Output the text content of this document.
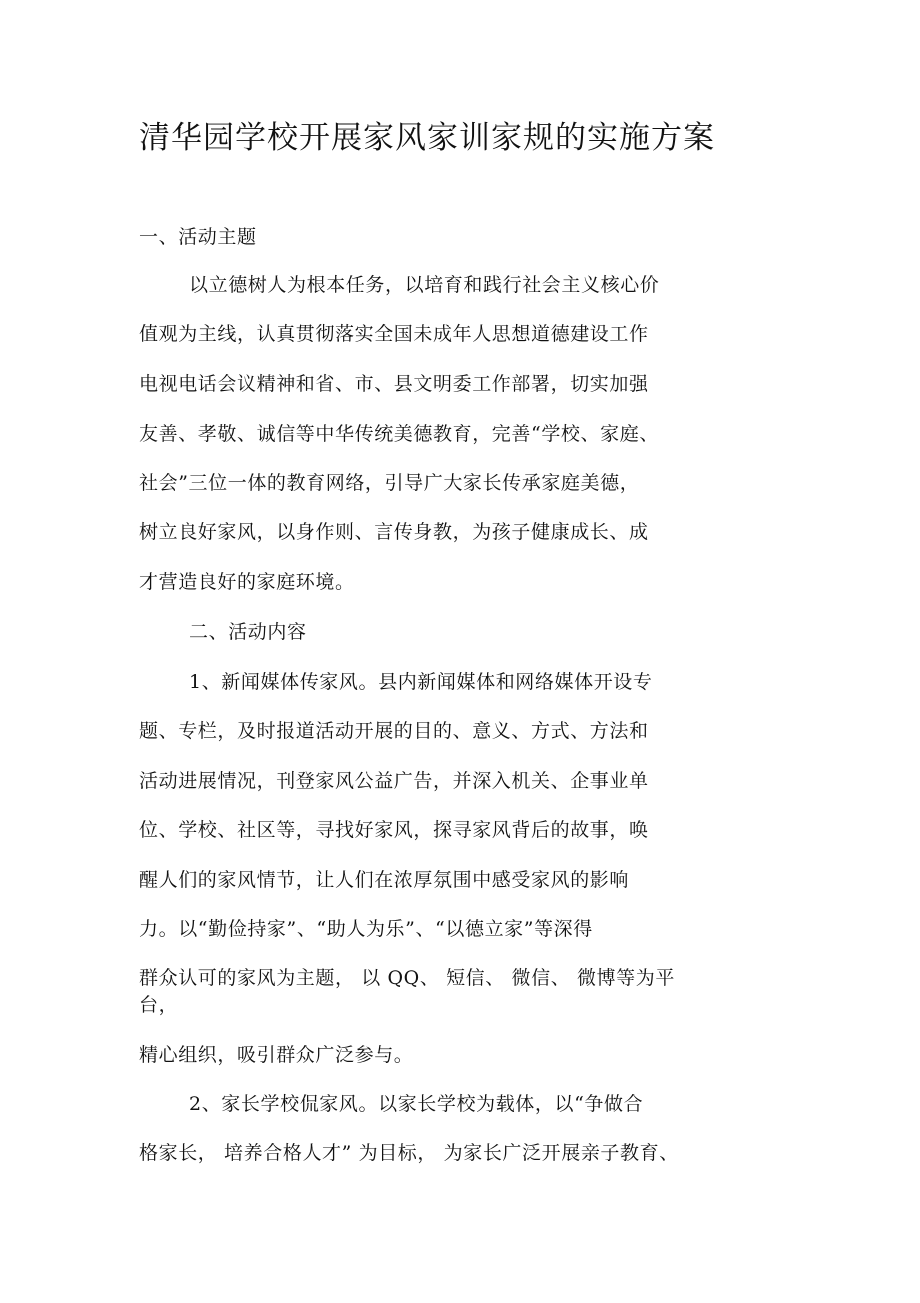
清华园学校开展家风家训家规的实施方案
一、活动主题
以立德树人为根本任务，以培育和践行社会主义核心价
值观为主线，认真贯彻落实全国未成年人思想道德建设工作
电视电话会议精神和省、市、县文明委工作部署，切实加强
友善、孝敬、诚信等中华传统美德教育，完善“学校、家庭、
社会”三位一体的教育网络，引导广大家长传承家庭美德，
树立良好家风，以身作则、言传身教，为孩子健康成长、成
才营造良好的家庭环境。
二、活动内容
1、新闻媒体传家风。县内新闻媒体和网络媒体开设专
题、专栏，及时报道活动开展的目的、意义、方式、方法和
活动进展情况，刊登家风公益广告，并深入机关、企事业单
位、学校、社区等，寻找好家风，探寻家风背后的故事，唤
醒人们的家风情节，让人们在浓厚氛围中感受家风的影响
力。以“勤俭持家”、“助人为乐”、“以德立家”等深得
群众认可的家风为主题， 以 QQ、 短信、 微信、 微博等为平
台，
精心组织，吸引群众广泛参与。
2、家长学校侃家风。以家长学校为载体，以“争做合
格家长， 培养合格人才” 为目标， 为家长广泛开展亲子教育、
